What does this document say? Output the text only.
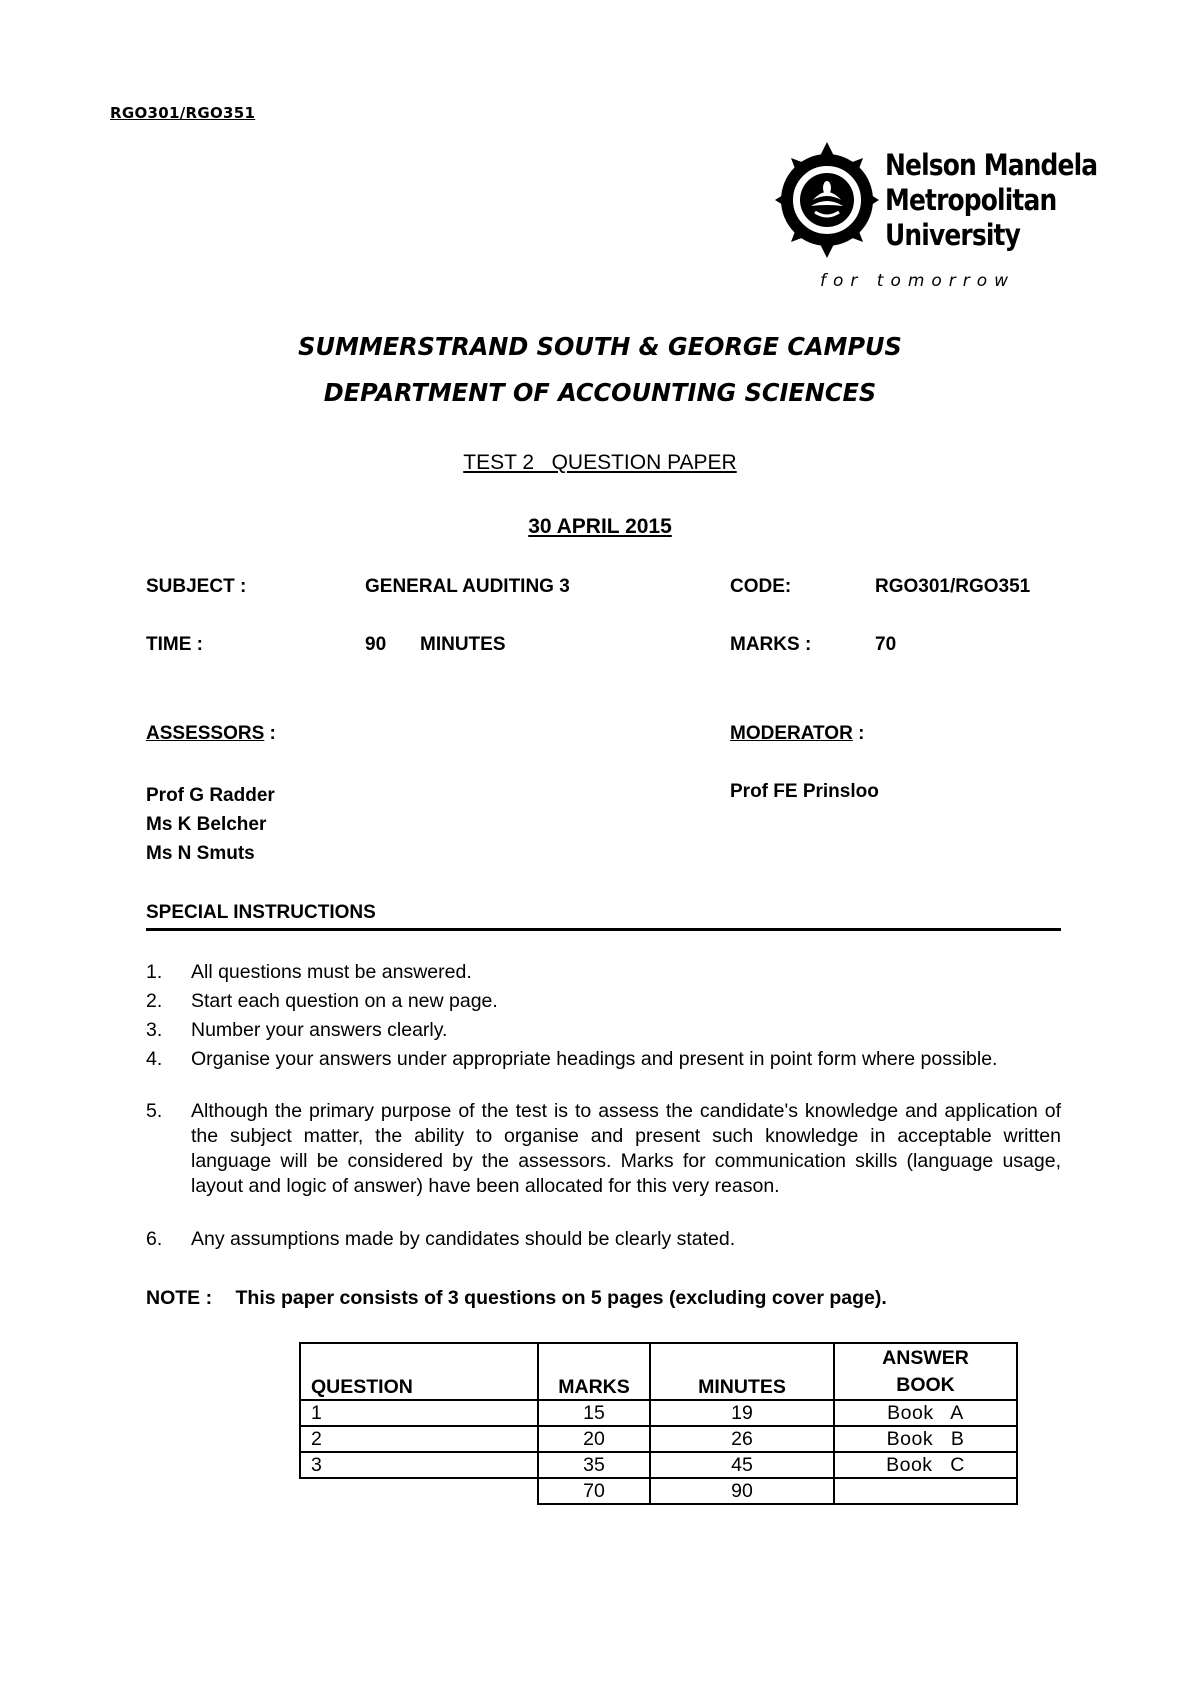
RGO301/RGO351
Nelson Mandela
Metropolitan
University
for tomorrow
SUMMERSTRAND SOUTH & GEORGE CAMPUS
DEPARTMENT OF ACCOUNTING SCIENCES
TEST 2   QUESTION PAPER
30 APRIL 2015
SUBJECT :	GENERAL AUDITING 3	CODE:	RGO301/RGO351
TIME :	90 MINUTES	MARKS :	70
ASSESSORS :	MODERATOR :
Prof G Radder
Ms K Belcher
Ms N Smuts
Prof FE Prinsloo
SPECIAL INSTRUCTIONS
1. All questions must be answered.
2. Start each question on a new page.
3. Number your answers clearly.
4. Organise your answers under appropriate headings and present in point form where possible.
5. Although the primary purpose of the test is to assess the candidate's knowledge and application of the subject matter, the ability to organise and present such knowledge in acceptable written language will be considered by the assessors. Marks for communication skills (language usage, layout and logic of answer) have been allocated for this very reason.
6. Any assumptions made by candidates should be clearly stated.
NOTE : This paper consists of 3 questions on 5 pages (excluding cover page).
QUESTION	MARKS	MINUTES	ANSWER BOOK
1	15	19	Book   A
2	20	26	Book   B
3	35	45	Book   C
	70	90	
